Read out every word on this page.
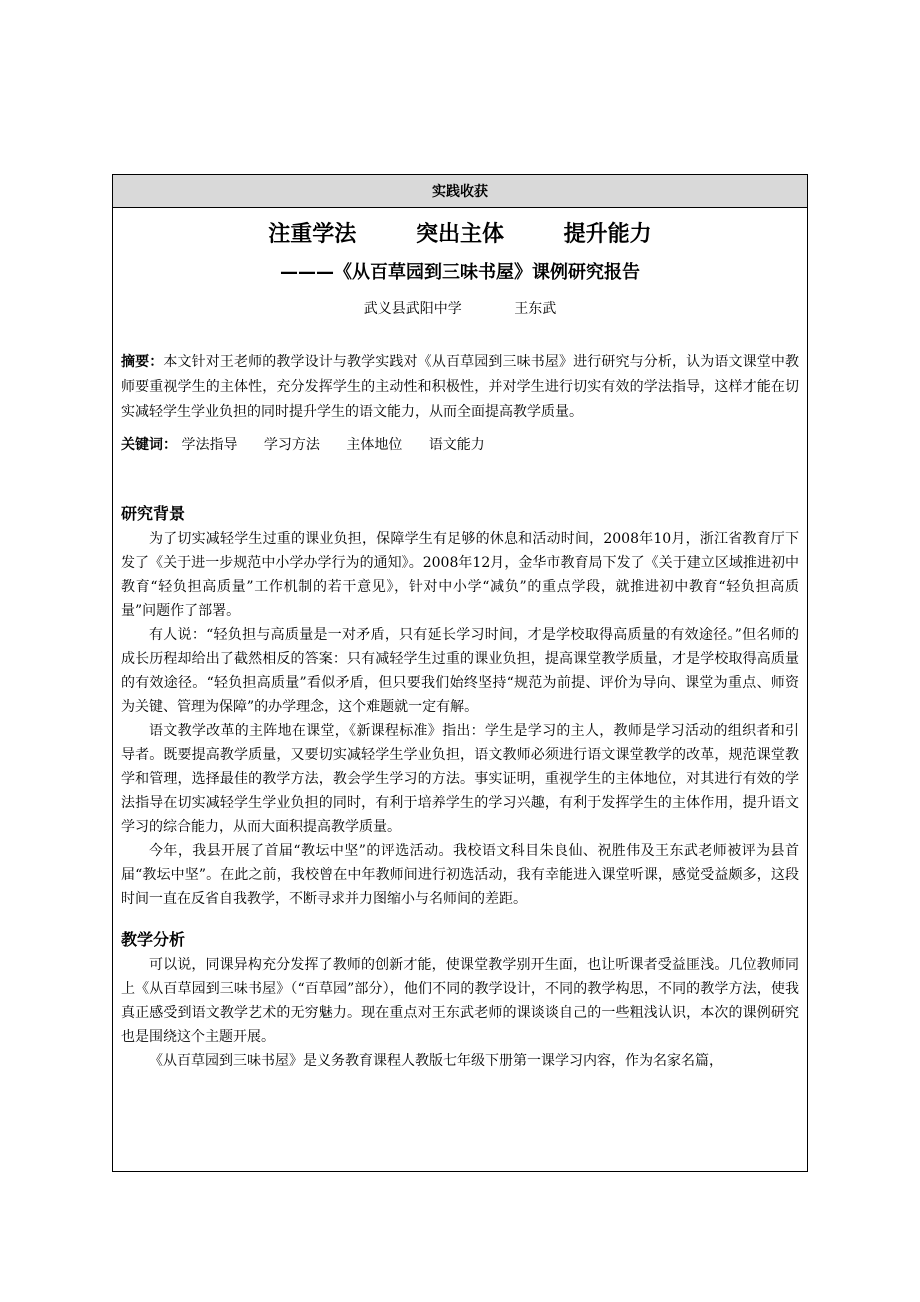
实践收获
注重学法	突出主体	提升能力
———《从百草园到三味书屋》课例研究报告
武义县武阳中学	王东武
摘要：本文针对王老师的教学设计与教学实践对《从百草园到三味书屋》进行研究与分析，认为语文课堂中教师要重视学生的主体性，充分发挥学生的主动性和积极性，并对学生进行切实有效的学法指导，这样才能在切实减轻学生学业负担的同时提升学生的语文能力，从而全面提高教学质量。
关键词： 学法指导 学习方法 主体地位 语文能力
研究背景

为了切实减轻学生过重的课业负担，保障学生有足够的休息和活动时间，2008年10月，浙江省教育厅下发了《关于进一步规范中小学办学行为的通知》。2008年12月，金华市教育局下发了《关于建立区域推进初中教育“轻负担高质量”工作机制的若干意见》，针对中小学“减负”的重点学段，就推进初中教育“轻负担高质量”问题作了部署。

有人说：“轻负担与高质量是一对矛盾，只有延长学习时间，才是学校取得高质量的有效途径。”但名师的成长历程却给出了截然相反的答案：只有减轻学生过重的课业负担，提高课堂教学质量，才是学校取得高质量的有效途径。“轻负担高质量”看似矛盾，但只要我们始终坚持“规范为前提、评价为导向、课堂为重点、师资为关键、管理为保障”的办学理念，这个难题就一定有解。

语文教学改革的主阵地在课堂，《新课程标准》指出：学生是学习的主人，教师是学习活动的组织者和引导者。既要提高教学质量，又要切实减轻学生学业负担，语文教师必须进行语文课堂教学的改革，规范课堂教学和管理，选择最佳的教学方法，教会学生学习的方法。事实证明，重视学生的主体地位，对其进行有效的学法指导在切实减轻学生学业负担的同时，有利于培养学生的学习兴趣，有利于发挥学生的主体作用，提升语文学习的综合能力，从而大面积提高教学质量。

今年，我县开展了首届“教坛中坚”的评选活动。我校语文科目朱良仙、祝胜伟及王东武老师被评为县首届“教坛中坚”。在此之前，我校曾在中年教师间进行初选活动，我有幸能进入课堂听课，感觉受益颇多，这段时间一直在反省自我教学，不断寻求并力图缩小与名师间的差距。

教学分析

可以说，同课异构充分发挥了教师的创新才能，使课堂教学别开生面，也让听课者受益匪浅。几位教师同上《从百草园到三味书屋》（“百草园”部分），他们不同的教学设计，不同的教学构思，不同的教学方法，使我真正感受到语文教学艺术的无穷魅力。现在重点对王东武老师的课谈谈自己的一些粗浅认识，本次的课例研究也是围绕这个主题开展。

《从百草园到三味书屋》是义务教育课程人教版七年级下册第一课学习内容，作为名家名篇，
